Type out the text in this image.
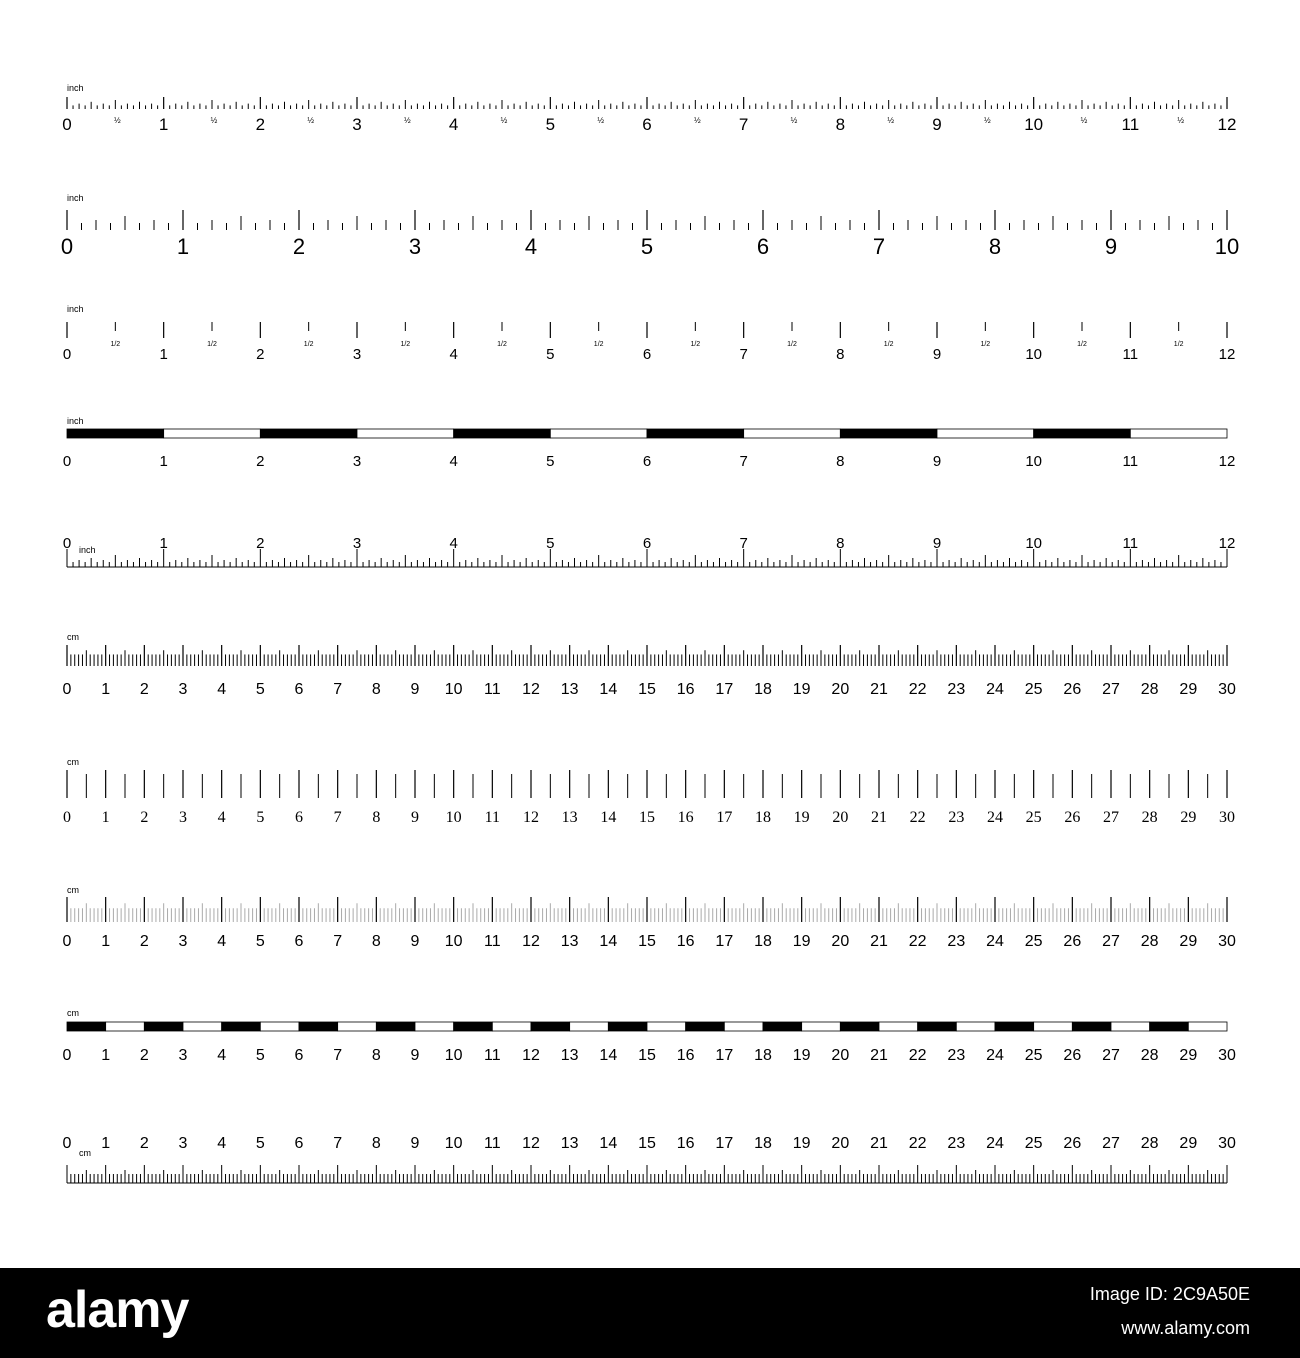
inch
½	½	½	½	½	½	½	½	½	½	½	½
0	1	2	3	4	5	6	7	8	9	10	11	12
inch
0	1	2	3	4	5	6	7	8	9	10
inch
1/2	1/2	1/2	1/2	1/2	1/2	1/2	1/2	1/2	1/2	1/2	1/2
0	1	2	3	4	5	6	7	8	9	10	11	12
inch
0	1	2	3	4	5	6	7	8	9	10	11	12
inch
0	1	2	3	4	5	6	7	8	9	10	11	12
cm
0 1 2 3 4 5 6 7 8 9 10 11 12 13 14 15 16 17 18 19 20 21 22 23 24 25 26 27 28 29 30
cm
0 1 2 3 4 5 6 7 8 9 10 11 12 13 14 15 16 17 18 19 20 21 22 23 24 25 26 27 28 29 30
cm
0 1 2 3 4 5 6 7 8 9 10 11 12 13 14 15 16 17 18 19 20 21 22 23 24 25 26 27 28 29 30
cm
0 1 2 3 4 5 6 7 8 9 10 11 12 13 14 15 16 17 18 19 20 21 22 23 24 25 26 27 28 29 30
cm
0 1 2 3 4 5 6 7 8 9 10 11 12 13 14 15 16 17 18 19 20 21 22 23 24 25 26 27 28 29 30
alamy	Image ID: 2C9A50E
www.alamy.com
